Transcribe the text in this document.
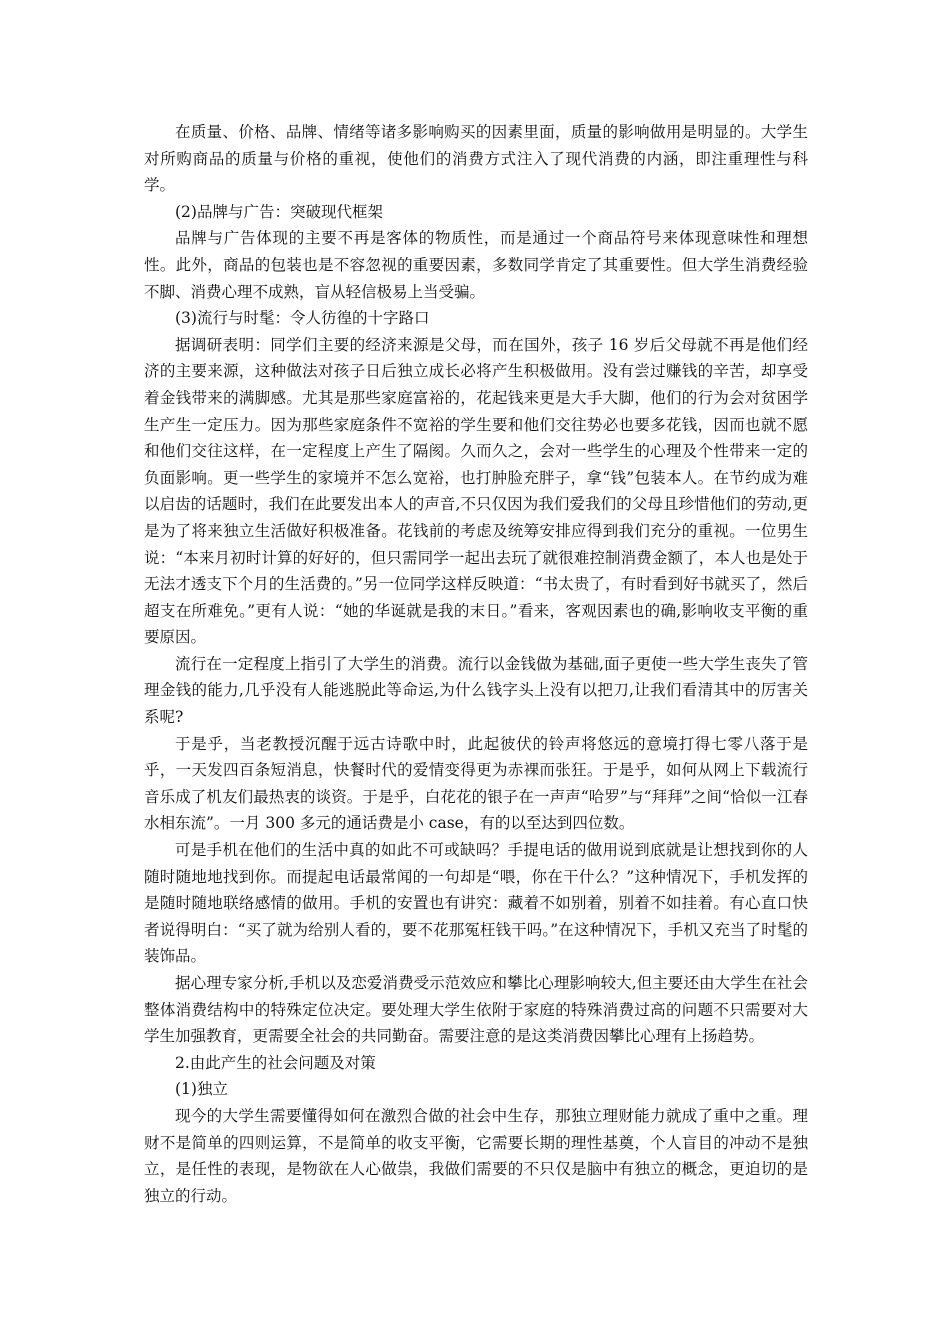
在质量、价格、品牌、情绪等诸多影响购买的因素里面，质量的影响做用是明显的。大学生对所购商品的质量与价格的重视，使他们的消费方式注入了现代消费的内涵，即注重理性与科学。

(2)品牌与广告：突破现代框架

品牌与广告体现的主要不再是客体的物质性，而是通过一个商品符号来体现意味性和理想性。此外，商品的包装也是不容忽视的重要因素，多数同学肯定了其重要性。但大学生消费经验不脚、消费心理不成熟，盲从轻信极易上当受骗。

(3)流行与时髦：令人彷徨的十字路口

据调研表明：同学们主要的经济来源是父母，而在国外，孩子 16 岁后父母就不再是他们经济的主要来源，这种做法对孩子日后独立成长必将产生积极做用。没有尝过赚钱的辛苦，却享受着金钱带来的满脚感。尤其是那些家庭富裕的，花起钱来更是大手大脚，他们的行为会对贫困学生产生一定压力。因为那些家庭条件不宽裕的学生要和他们交往势必也要多花钱，因而也就不愿和他们交往这样，在一定程度上产生了隔阂。久而久之，会对一些学生的心理及个性带来一定的负面影响。更一些学生的家境并不怎么宽裕，也打肿脸充胖子，拿“钱”包装本人。在节约成为难以启齿的话题时，我们在此要发出本人的声音,不只仅因为我们爱我们的父母且珍惜他们的劳动,更是为了将来独立生活做好积极准备。花钱前的考虑及统筹安排应得到我们充分的重视。一位男生说：“本来月初时计算的好好的，但只需同学一起出去玩了就很难控制消费金额了，本人也是处于无法才透支下个月的生活费的。”另一位同学这样反映道：“书太贵了，有时看到好书就买了，然后超支在所难免。”更有人说：“她的华诞就是我的末日。”看来，客观因素也的确,影响收支平衡的重要原因。

流行在一定程度上指引了大学生的消费。流行以金钱做为基础,面子更使一些大学生丧失了管理金钱的能力,几乎没有人能逃脱此等命运,为什么钱字头上没有以把刀,让我们看清其中的厉害关系呢?

于是乎，当老教授沉醒于远古诗歌中时，此起彼伏的铃声将悠远的意境打得七零八落于是乎，一天发四百条短消息，快餐时代的爱情变得更为赤裸而张狂。于是乎，如何从网上下载流行音乐成了机友们最热衷的谈资。于是乎，白花花的银子在一声声“哈罗”与“拜拜”之间“恰似一江春水相东流”。一月 300 多元的通话费是小 case，有的以至达到四位数。

可是手机在他们的生活中真的如此不可或缺吗？手提电话的做用说到底就是让想找到你的人随时随地地找到你。而提起电话最常闻的一句却是“喂，你在干什么？”这种情况下，手机发挥的是随时随地联络感情的做用。手机的安置也有讲究：藏着不如别着，别着不如挂着。有心直口快者说得明白：“买了就为给别人看的，要不花那冤枉钱干吗。”在这种情况下，手机又充当了时髦的装饰品。

据心理专家分析,手机以及恋爱消费受示范效应和攀比心理影响较大,但主要还由大学生在社会整体消费结构中的特殊定位决定。要处理大学生依附于家庭的特殊消费过高的问题不只需要对大学生加强教育，更需要全社会的共同勤奋。需要注意的是这类消费因攀比心理有上扬趋势。

2.由此产生的社会问题及对策

(1)独立

现今的大学生需要懂得如何在激烈合做的社会中生存，那独立理财能力就成了重中之重。理财不是简单的四则运算，不是简单的收支平衡，它需要长期的理性基奠，个人盲目的冲动不是独立，是任性的表现，是物欲在人心做祟，我做们需要的不只仅是脑中有独立的概念，更迫切的是独立的行动。
